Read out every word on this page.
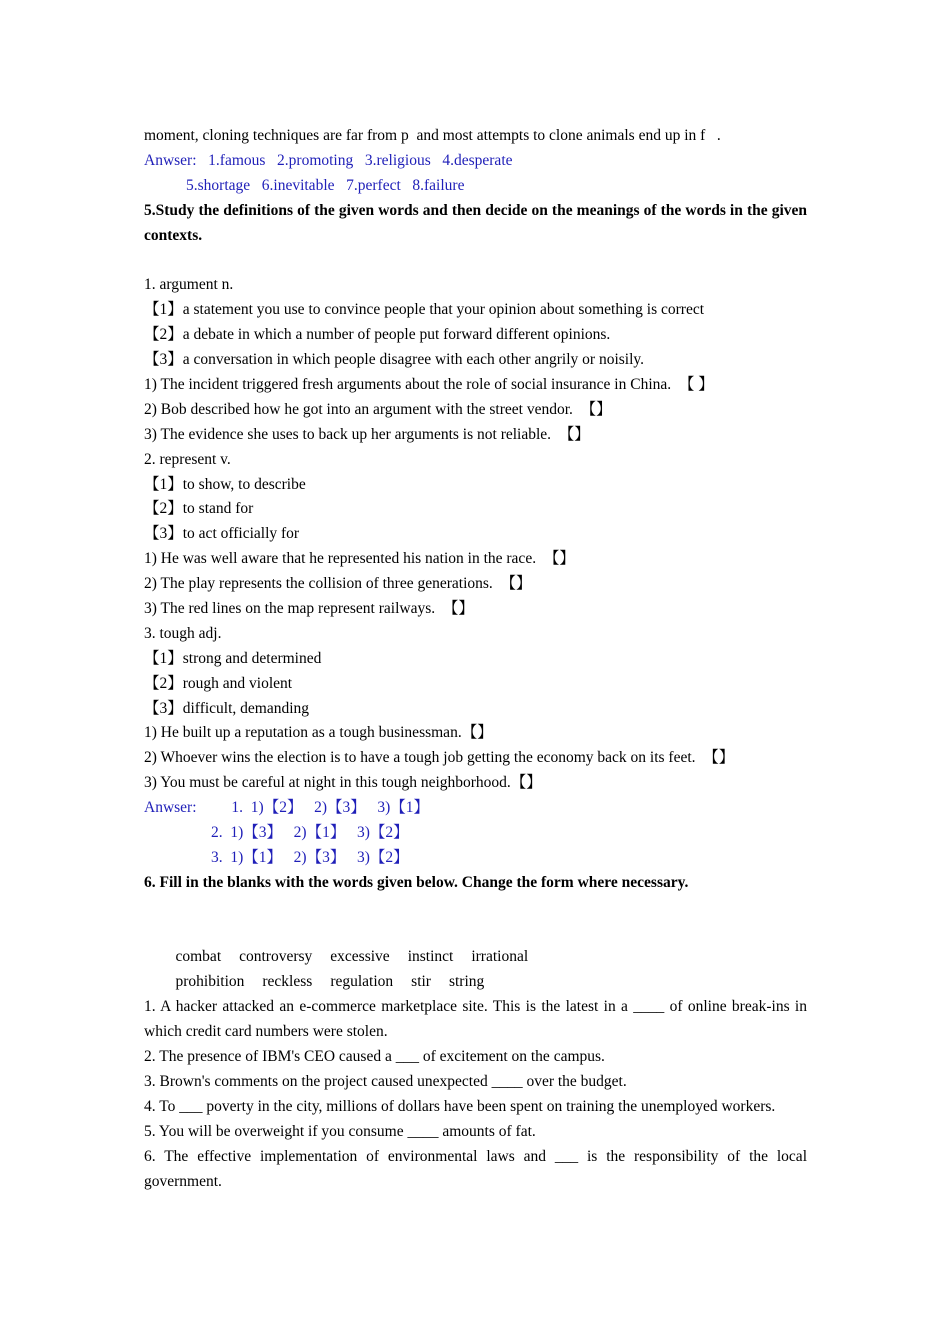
moment, cloning techniques are far from p  and most attempts to clone animals end up in f   .
Anwser: 1.famous   2.promoting   3.religious   4.desperate
5.shortage   6.inevitable   7.perfect   8.failure
5.Study the definitions of the given words and then decide on the meanings of the words in the given contexts.
1. argument n.
【1】a statement you use to convince people that your opinion about something is correct
【2】a debate in which a number of people put forward different opinions.
【3】a conversation in which people disagree with each other angrily or noisily.
1) The incident triggered fresh arguments about the role of social insurance in China.  【 】
2) Bob described how he got into an argument with the street vendor.  【】
3) The evidence she uses to back up her arguments is not reliable.  【】
2. represent v.
【1】to show, to describe
【2】to stand for
【3】to act officially for
1) He was well aware that he represented his nation in the race.  【】
2) The play represents the collision of three generations.  【】
3) The red lines on the map represent railways.  【】
3. tough adj.
【1】strong and determined
【2】rough and violent
【3】difficult, demanding
1) He built up a reputation as a tough businessman.【】
2) Whoever wins the election is to have a tough job getting the economy back on its feet.  【】
3) You must be careful at night in this tough neighborhood.【】
Anwser: 1.  1)【2】   2)【3】   3)【1】
2.  1)【3】   2)【1】   3)【2】
3.  1)【1】   2)【3】   3)【2】
6. Fill in the blanks with the words given below. Change the form where necessary.

combat controversy excessive instinct irrational

prohibition reckless regulation stir string

1. A hacker attacked an e-commerce marketplace site. This is the latest in a ____ of online break-ins in which credit card numbers were stolen.
2. The presence of IBM's CEO caused a ___ of excitement on the campus.
3. Brown's comments on the project caused unexpected ____ over the budget.
4. To ___ poverty in the city, millions of dollars have been spent on training the unemployed workers.
5. You will be overweight if you consume ____ amounts of fat.
6. The effective implementation of environmental laws and ___ is the responsibility of the local government.
